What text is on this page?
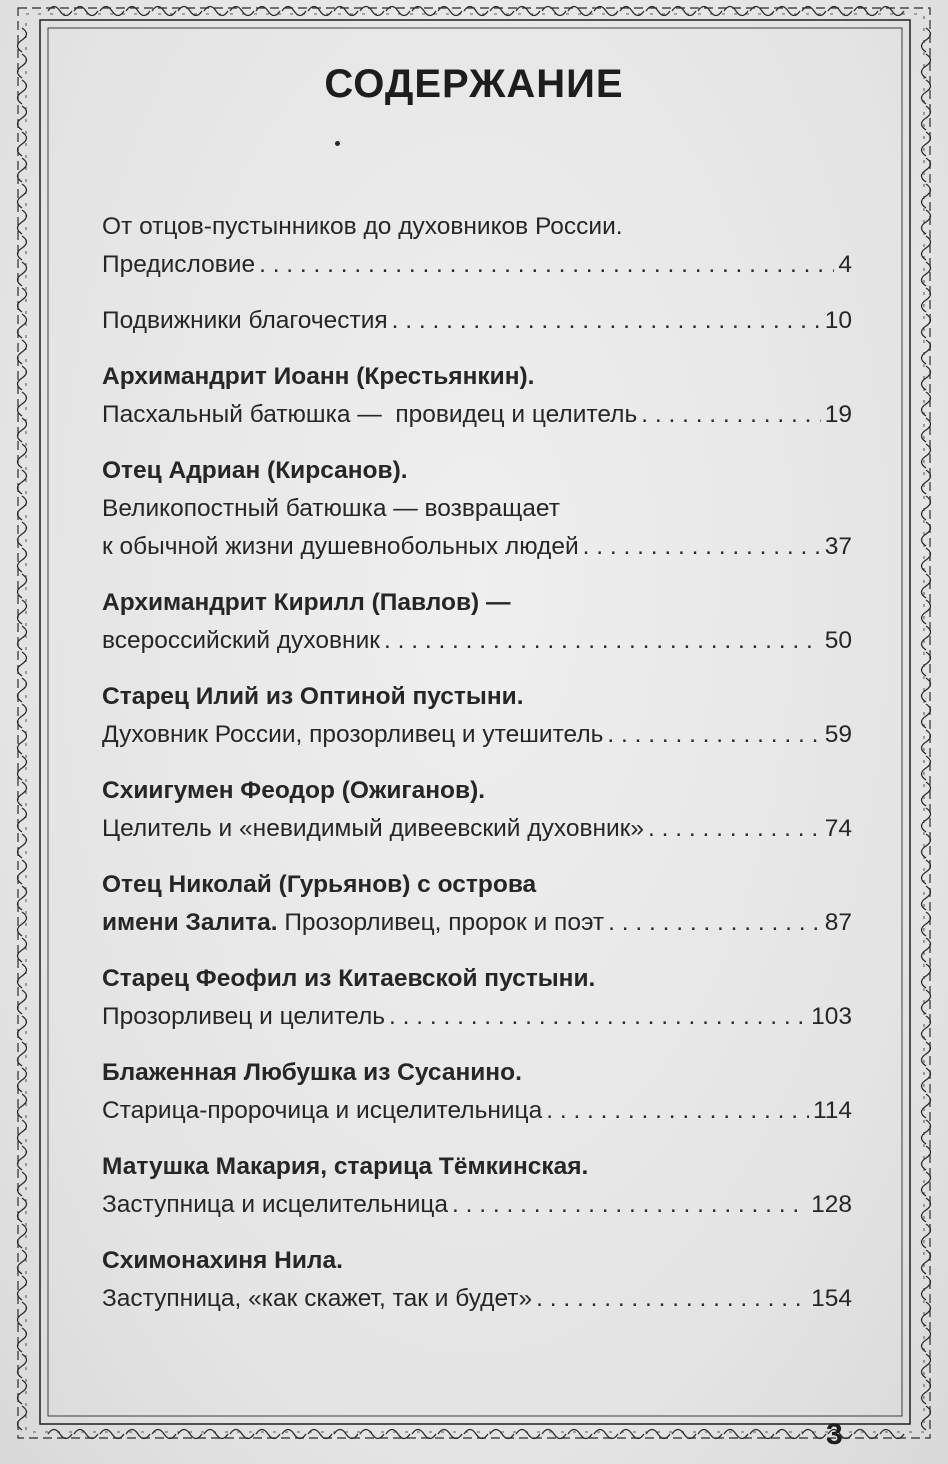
СОДЕРЖАНИЕ
От отцов-пустынников до духовников России.
Предисловие . . .	4
Подвижники благочестия . . .	10
Архимандрит Иоанн (Крестьянкин).
Пасхальный батюшка —  провидец и целитель . . .	19
Отец Адриан (Кирсанов).
Великопостный батюшка — возвращает
к обычной жизни душевнобольных людей . . .	37
Архимандрит Кирилл (Павлов) —
всероссийский духовник . . .	50
Старец Илий из Оптиной пустыни.
Духовник России, прозорливец и утешитель . . .	59
Схиигумен Феодор (Ожиганов).
Целитель и «невидимый дивеевский духовник» . . .	74
Отец Николай (Гурьянов) с острова
имени Залита. Прозорливец, пророк и поэт . . .	87
Старец Феофил из Китаевской пустыни.
Прозорливец и целитель . . .	103
Блаженная Любушка из Сусанино.
Старица-пророчица и исцелительница . . .	114
Матушка Макария, старица Тёмкинская.
Заступница и исцелительница . . .	128
Схимонахиня Нила.
Заступница, «как скажет, так и будет» . . .	154
3
